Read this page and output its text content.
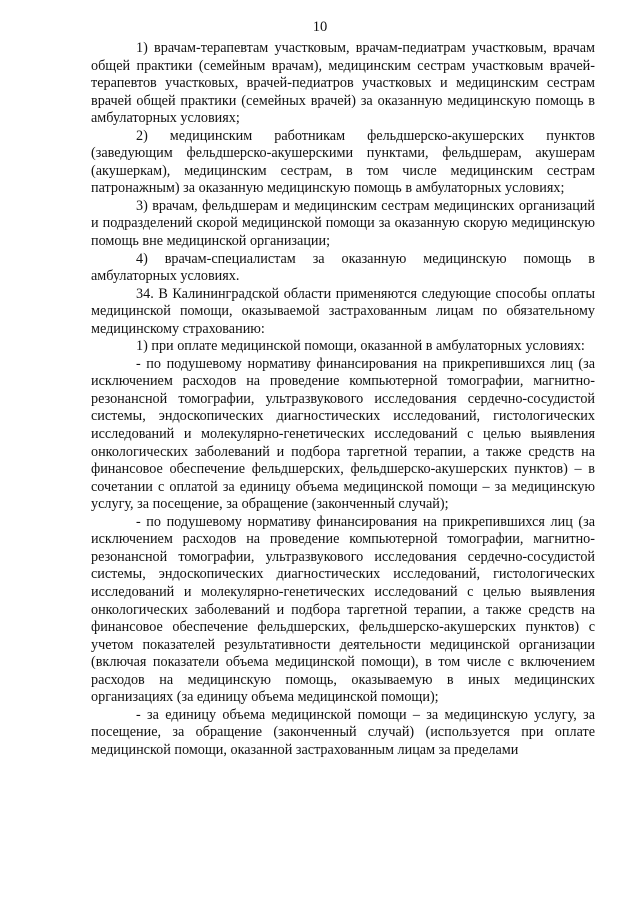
10

1) врачам-терапевтам участковым, врачам-педиатрам участковым, врачам общей практики (семейным врачам), медицинским сестрам участковым врачей-терапевтов участковых, врачей-педиатров участковых и медицинским сестрам врачей общей практики (семейных врачей) за оказанную медицинскую помощь в амбулаторных условиях;

2) медицинским работникам фельдшерско-акушерских пунктов (заведующим фельдшерско-акушерскими пунктами, фельдшерам, акушерам (акушеркам), медицинским сестрам, в том числе медицинским сестрам патронажным) за оказанную медицинскую помощь в амбулаторных условиях;

3) врачам, фельдшерам и медицинским сестрам медицинских организаций и подразделений скорой медицинской помощи за оказанную скорую медицинскую помощь вне медицинской организации;

4) врачам-специалистам за оказанную медицинскую помощь в амбулаторных условиях.

34. В Калининградской области применяются следующие способы оплаты медицинской помощи, оказываемой застрахованным лицам по обязательному медицинскому страхованию:

1) при оплате медицинской помощи, оказанной в амбулаторных условиях:

- по подушевому нормативу финансирования на прикрепившихся лиц (за исключением расходов на проведение компьютерной томографии, магнитно-резонансной томографии, ультразвукового исследования сердечно-сосудистой системы, эндоскопических диагностических исследований, гистологических исследований и молекулярно-генетических исследований с целью выявления онкологических заболеваний и подбора таргетной терапии, а также средств на финансовое обеспечение фельдшерских, фельдшерско-акушерских пунктов) – в сочетании с оплатой за единицу объема медицинской помощи – за медицинскую услугу, за посещение, за обращение (законченный случай);

- по подушевому нормативу финансирования на прикрепившихся лиц (за исключением расходов на проведение компьютерной томографии, магнитно-резонансной томографии, ультразвукового исследования сердечно-сосудистой системы, эндоскопических диагностических исследований, гистологических исследований и молекулярно-генетических исследований с целью выявления онкологических заболеваний и подбора таргетной терапии, а также средств на финансовое обеспечение фельдшерских, фельдшерско-акушерских пунктов) с учетом показателей результативности деятельности медицинской организации (включая показатели объема медицинской помощи), в том числе с включением расходов на медицинскую помощь, оказываемую в иных медицинских организациях (за единицу объема медицинской помощи);

- за единицу объема медицинской помощи – за медицинскую услугу, за посещение, за обращение (законченный случай) (используется при оплате медицинской помощи, оказанной застрахованным лицам за пределами
